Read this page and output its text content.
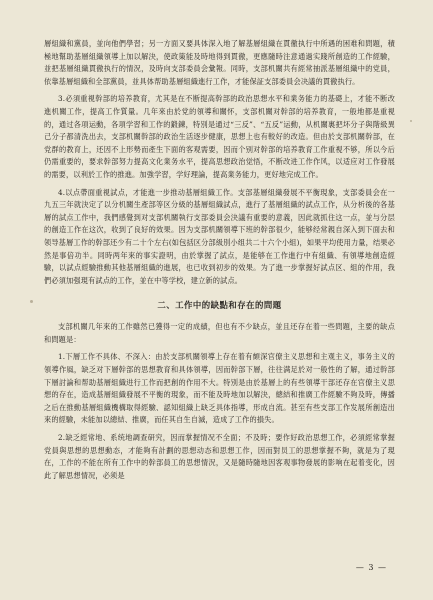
層組織和黨員，並向他們學習；另一方面又要具体深入地了解基層組織在貫徹执行中所遇的困难和問題，積極地幫助基層組織領導上加以解決，使政策能及時地得到貫徹，更應隨時注意通過实踐所創造的工作經驗，並把基層組織貫徹执行的情況，及時向支部委員会彙報。同時，支部机關共有經常抽派基層組織中的党員，依靠基層組織和全部黨員，並具体帮助基層組織進行工作，才能保証支部委員会决議的貫徹执行。

3.必須重視幹部的培养教育，尤其是在不断提高幹部的政治思想水平和業务能力的基礎上，才能不断改進机關工作，提高工作質量。几年來由於党的領導和關怀，支部机關对幹部的培养教育，一般地都是重視的，通过各項运動，各項学習和工作的鍛鍊，特別是通过“三反”、“五反”运動，从机關裏把坏分子與階級異己分子都清洗出去，支部机關幹部的政治生活逐步健康，思想上也有較好的改造。但由於支部机關幹部，在党群的教育上，还因不上形勢而產生下面的客观需要，因而个别对幹部的培养教育工作重視不够，所以今后仍需重要的，要求幹部努力提高文化業务水平，提高思想政治觉悟，不断改进工作作风，以适应对工作發展的需要，以利於工作的推進。加強学習，学好理論，提高業务能力，更好地完成工作。

4.以点帶面重視試点，才能進一步推动基層組織工作。支部基層組織發展不平衡現象，支部委員会在一九五三年就決定了以分机關生產部等区分級的基層組織試点，進行了基層組織的試点工作，从分析後的各基層的試点工作中，我們感覺到对支部机關執行支部委員会決議有重要的意義，因此就抓住这一点，並与分层的創造工作在这次，收到了良好的效果。因为支部机關領導下班的幹部很少，能够经常親自深入到下面去和领导基層工作的幹部还少有二十个左右(如包括区分部級別小组共二十六个小組)，如果平均使用力量，结果必然是事倍功半。同時两年來的事实證明，由於掌握了試点，是能够在工作進行中有組織、有領導地創造經驗，以試点經驗推動其他基層組織的進展，也已收到初步的效果。为了進一步掌握好試点区、組的作用，我們必須加强現有試点的工作，並在中等学校，建立新的試点。

二、工作中的缺點和存在的問題

支部机關几年來的工作雖然已獲得一定的成績，但也有不少缺点，並且还存在着一些問題，主要的缺点和問題是：

1.下層工作不具体、不深入：由於支部机關領導上存在着有頗深官僚主义思想和主观主义，事务主义的領導作風，缺乏对下層幹部的思想教育和具体領導，因而幹部下層，往往满足於对一般性的了解，通过幹部下層討論和帮助基層組織进行工作而把創的作用不大。特別是由於基層上的有些領導干部还存在官僚主义思想的存在，造成基層組織發展不平衡的現象，而不能及時地加以解決，總結和推廣工作經驗不夠及時，傳播之后在推動基層組織機構取得經驗、認知組織上缺乏具体指導，形成自流。甚至有些支部工作发展所創造出來的經驗，未能加以總結、推廣，而任其自生自滅，造成了工作的損失。

2.缺乏經常地、系统地調查研究，因而掌握情况不全面；不及時；要作好政治思想工作，必須經常掌握党員與思想的思想動态，才能夠有計劃的思想动态和思想工作，因而對员工的思想掌握不夠，就是为了現在，工作的不能在所有工作中的幹部員工的思想情況，又是隨時隨地因客观事物發展的影响在起着变化，因此了解思想情况，必须是

— 3 —
